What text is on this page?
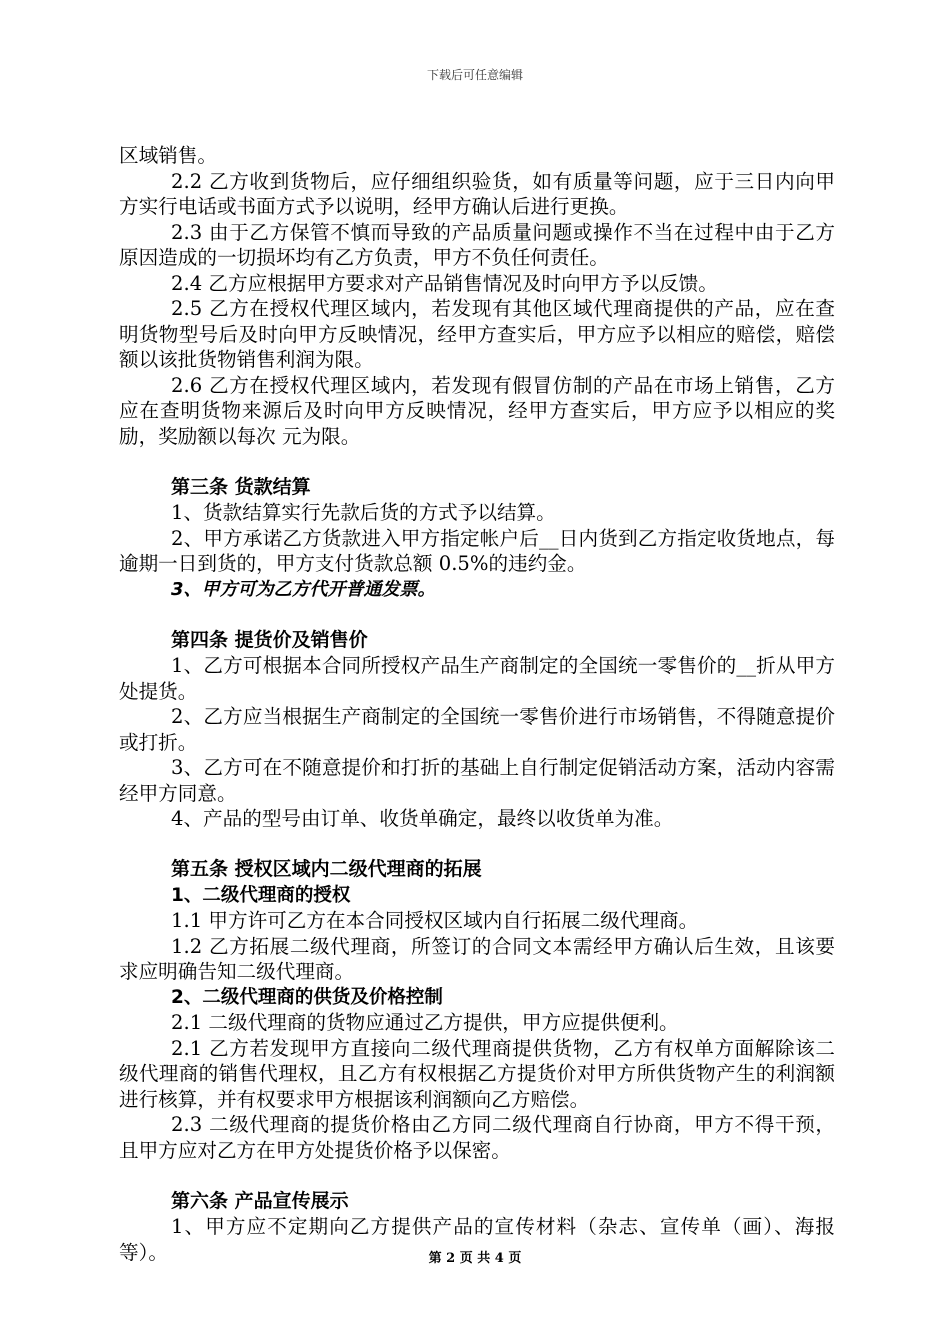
下载后可任意编辑
区域销售。
2.2 乙方收到货物后，应仔细组织验货，如有质量等问题，应于三日内向甲方实行电话或书面方式予以说明，经甲方确认后进行更换。
2.3 由于乙方保管不慎而导致的产品质量问题或操作不当在过程中由于乙方原因造成的一切损坏均有乙方负责，甲方不负任何责任。
2.4 乙方应根据甲方要求对产品销售情况及时向甲方予以反馈。
2.5 乙方在授权代理区域内，若发现有其他区域代理商提供的产品，应在查明货物型号后及时向甲方反映情况，经甲方查实后，甲方应予以相应的赔偿，赔偿额以该批货物销售利润为限。
2.6 乙方在授权代理区域内，若发现有假冒仿制的产品在市场上销售，乙方应在查明货物来源后及时向甲方反映情况，经甲方查实后，甲方应予以相应的奖励，奖励额以每次 元为限。
第三条 货款结算
1、货款结算实行先款后货的方式予以结算。
2、甲方承诺乙方货款进入甲方指定帐户后__日内货到乙方指定收货地点，每逾期一日到货的，甲方支付货款总额 0.5%的违约金。
3、甲方可为乙方代开普通发票。
第四条 提货价及销售价
1、乙方可根据本合同所授权产品生产商制定的全国统一零售价的__折从甲方处提货。
2、乙方应当根据生产商制定的全国统一零售价进行市场销售，不得随意提价或打折。
3、乙方可在不随意提价和打折的基础上自行制定促销活动方案，活动内容需经甲方同意。
4、产品的型号由订单、收货单确定，最终以收货单为准。
第五条 授权区域内二级代理商的拓展
1、二级代理商的授权
1.1 甲方许可乙方在本合同授权区域内自行拓展二级代理商。
1.2 乙方拓展二级代理商，所签订的合同文本需经甲方确认后生效，且该要求应明确告知二级代理商。
2、二级代理商的供货及价格控制
2.1 二级代理商的货物应通过乙方提供，甲方应提供便利。
2.1 乙方若发现甲方直接向二级代理商提供货物，乙方有权单方面解除该二级代理商的销售代理权，且乙方有权根据乙方提货价对甲方所供货物产生的利润额进行核算，并有权要求甲方根据该利润额向乙方赔偿。
2.3 二级代理商的提货价格由乙方同二级代理商自行协商，甲方不得干预，且甲方应对乙方在甲方处提货价格予以保密。
第六条 产品宣传展示
1、甲方应不定期向乙方提供产品的宣传材料（杂志、宣传单（画）、海报等）。	第 2 页 共 4 页
